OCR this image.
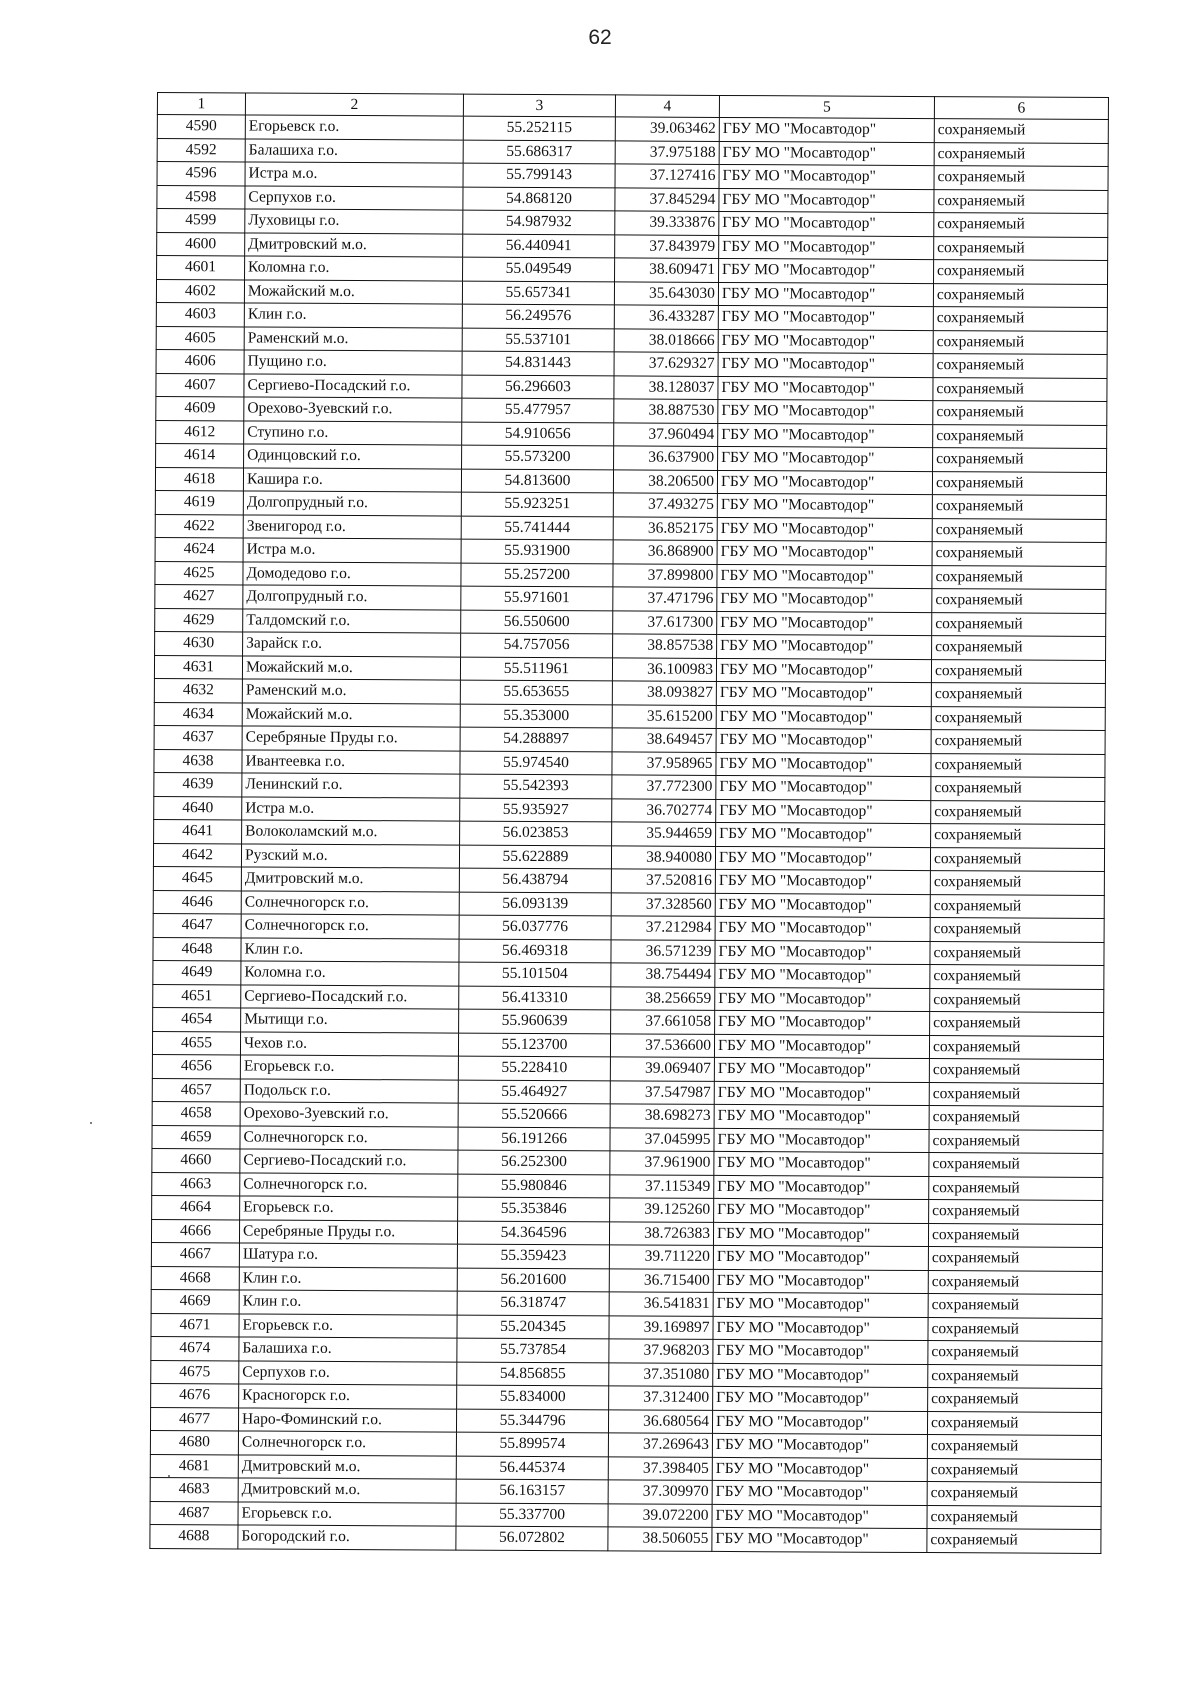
62
1	2	3	4	5	6
4590	Егорьевск г.о.	55.252115	39.063462	ГБУ МО "Мосавтодор"	сохраняемый
4592	Балашиха г.о.	55.686317	37.975188	ГБУ МО "Мосавтодор"	сохраняемый
4596	Истра м.о.	55.799143	37.127416	ГБУ МО "Мосавтодор"	сохраняемый
4598	Серпухов г.о.	54.868120	37.845294	ГБУ МО "Мосавтодор"	сохраняемый
4599	Луховицы г.о.	54.987932	39.333876	ГБУ МО "Мосавтодор"	сохраняемый
4600	Дмитровский м.о.	56.440941	37.843979	ГБУ МО "Мосавтодор"	сохраняемый
4601	Коломна г.о.	55.049549	38.609471	ГБУ МО "Мосавтодор"	сохраняемый
4602	Можайский м.о.	55.657341	35.643030	ГБУ МО "Мосавтодор"	сохраняемый
4603	Клин г.о.	56.249576	36.433287	ГБУ МО "Мосавтодор"	сохраняемый
4605	Раменский м.о.	55.537101	38.018666	ГБУ МО "Мосавтодор"	сохраняемый
4606	Пущино г.о.	54.831443	37.629327	ГБУ МО "Мосавтодор"	сохраняемый
4607	Сергиево-Посадский г.о.	56.296603	38.128037	ГБУ МО "Мосавтодор"	сохраняемый
4609	Орехово-Зуевский г.о.	55.477957	38.887530	ГБУ МО "Мосавтодор"	сохраняемый
4612	Ступино г.о.	54.910656	37.960494	ГБУ МО "Мосавтодор"	сохраняемый
4614	Одинцовский г.о.	55.573200	36.637900	ГБУ МО "Мосавтодор"	сохраняемый
4618	Кашира г.о.	54.813600	38.206500	ГБУ МО "Мосавтодор"	сохраняемый
4619	Долгопрудный г.о.	55.923251	37.493275	ГБУ МО "Мосавтодор"	сохраняемый
4622	Звенигород г.о.	55.741444	36.852175	ГБУ МО "Мосавтодор"	сохраняемый
4624	Истра м.о.	55.931900	36.868900	ГБУ МО "Мосавтодор"	сохраняемый
4625	Домодедово г.о.	55.257200	37.899800	ГБУ МО "Мосавтодор"	сохраняемый
4627	Долгопрудный г.о.	55.971601	37.471796	ГБУ МО "Мосавтодор"	сохраняемый
4629	Талдомский г.о.	56.550600	37.617300	ГБУ МО "Мосавтодор"	сохраняемый
4630	Зарайск г.о.	54.757056	38.857538	ГБУ МО "Мосавтодор"	сохраняемый
4631	Можайский м.о.	55.511961	36.100983	ГБУ МО "Мосавтодор"	сохраняемый
4632	Раменский м.о.	55.653655	38.093827	ГБУ МО "Мосавтодор"	сохраняемый
4634	Можайский м.о.	55.353000	35.615200	ГБУ МО "Мосавтодор"	сохраняемый
4637	Серебряные Пруды г.о.	54.288897	38.649457	ГБУ МО "Мосавтодор"	сохраняемый
4638	Ивантеевка г.о.	55.974540	37.958965	ГБУ МО "Мосавтодор"	сохраняемый
4639	Ленинский г.о.	55.542393	37.772300	ГБУ МО "Мосавтодор"	сохраняемый
4640	Истра м.о.	55.935927	36.702774	ГБУ МО "Мосавтодор"	сохраняемый
4641	Волоколамский м.о.	56.023853	35.944659	ГБУ МО "Мосавтодор"	сохраняемый
4642	Рузский м.о.	55.622889	38.940080	ГБУ МО "Мосавтодор"	сохраняемый
4645	Дмитровский м.о.	56.438794	37.520816	ГБУ МО "Мосавтодор"	сохраняемый
4646	Солнечногорск г.о.	56.093139	37.328560	ГБУ МО "Мосавтодор"	сохраняемый
4647	Солнечногорск г.о.	56.037776	37.212984	ГБУ МО "Мосавтодор"	сохраняемый
4648	Клин г.о.	56.469318	36.571239	ГБУ МО "Мосавтодор"	сохраняемый
4649	Коломна г.о.	55.101504	38.754494	ГБУ МО "Мосавтодор"	сохраняемый
4651	Сергиево-Посадский г.о.	56.413310	38.256659	ГБУ МО "Мосавтодор"	сохраняемый
4654	Мытищи г.о.	55.960639	37.661058	ГБУ МО "Мосавтодор"	сохраняемый
4655	Чехов г.о.	55.123700	37.536600	ГБУ МО "Мосавтодор"	сохраняемый
4656	Егорьевск г.о.	55.228410	39.069407	ГБУ МО "Мосавтодор"	сохраняемый
4657	Подольск г.о.	55.464927	37.547987	ГБУ МО "Мосавтодор"	сохраняемый
4658	Орехово-Зуевский г.о.	55.520666	38.698273	ГБУ МО "Мосавтодор"	сохраняемый
4659	Солнечногорск г.о.	56.191266	37.045995	ГБУ МО "Мосавтодор"	сохраняемый
4660	Сергиево-Посадский г.о.	56.252300	37.961900	ГБУ МО "Мосавтодор"	сохраняемый
4663	Солнечногорск г.о.	55.980846	37.115349	ГБУ МО "Мосавтодор"	сохраняемый
4664	Егорьевск г.о.	55.353846	39.125260	ГБУ МО "Мосавтодор"	сохраняемый
4666	Серебряные Пруды г.о.	54.364596	38.726383	ГБУ МО "Мосавтодор"	сохраняемый
4667	Шатура г.о.	55.359423	39.711220	ГБУ МО "Мосавтодор"	сохраняемый
4668	Клин г.о.	56.201600	36.715400	ГБУ МО "Мосавтодор"	сохраняемый
4669	Клин г.о.	56.318747	36.541831	ГБУ МО "Мосавтодор"	сохраняемый
4671	Егорьевск г.о.	55.204345	39.169897	ГБУ МО "Мосавтодор"	сохраняемый
4674	Балашиха г.о.	55.737854	37.968203	ГБУ МО "Мосавтодор"	сохраняемый
4675	Серпухов г.о.	54.856855	37.351080	ГБУ МО "Мосавтодор"	сохраняемый
4676	Красногорск г.о.	55.834000	37.312400	ГБУ МО "Мосавтодор"	сохраняемый
4677	Наро-Фоминский г.о.	55.344796	36.680564	ГБУ МО "Мосавтодор"	сохраняемый
4680	Солнечногорск г.о.	55.899574	37.269643	ГБУ МО "Мосавтодор"	сохраняемый
4681	Дмитровский м.о.	56.445374	37.398405	ГБУ МО "Мосавтодор"	сохраняемый
4683	Дмитровский м.о.	56.163157	37.309970	ГБУ МО "Мосавтодор"	сохраняемый
4687	Егорьевск г.о.	55.337700	39.072200	ГБУ МО "Мосавтодор"	сохраняемый
4688	Богородский г.о.	56.072802	38.506055	ГБУ МО "Мосавтодор"	сохраняемый
